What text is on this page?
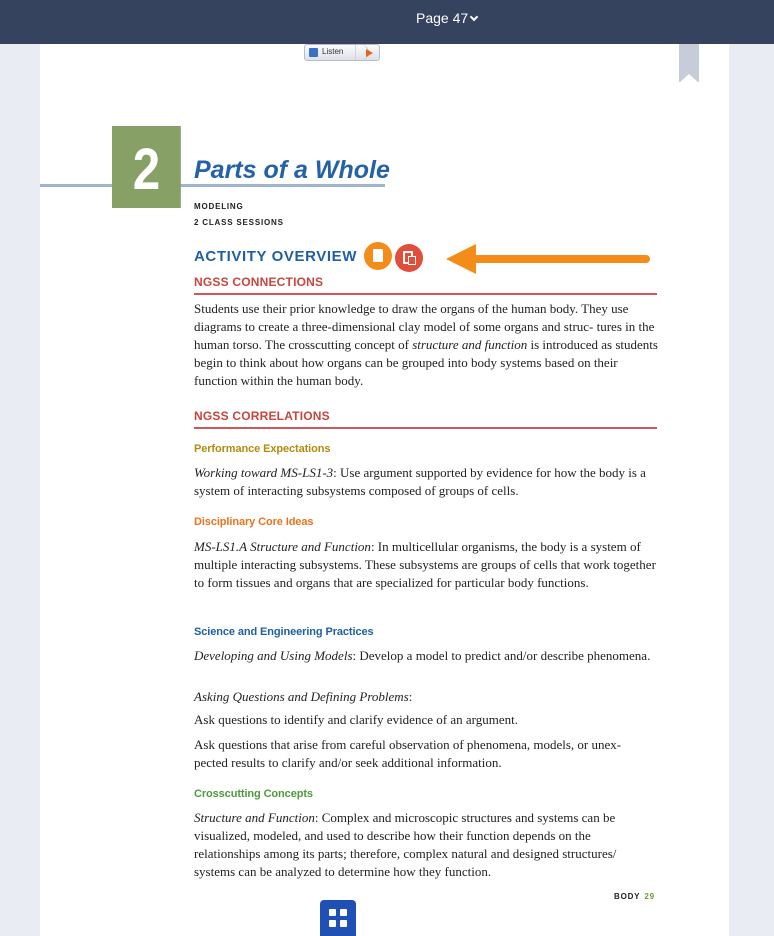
Page 47
Listen
2	Parts of a Whole
MODELING
2 CLASS SESSIONS
ACTIVITY OVERVIEW
NGSS CONNECTIONS
Students use their prior knowledge to draw the organs of the human body. They use diagrams to create a three-dimensional clay model of some organs and struc- tures in the human torso. The crosscutting concept of structure and function is introduced as students begin to think about how organs can be grouped into body systems based on their function within the human body.
NGSS CORRELATIONS
Performance Expectations
Working toward MS-LS1-3: Use argument supported by evidence for how the body is a system of interacting subsystems composed of groups of cells.
Disciplinary Core Ideas
MS-LS1.A Structure and Function: In multicellular organisms, the body is a system of multiple interacting subsystems. These subsystems are groups of cells that work together to form tissues and organs that are specialized for particular body functions.
Science and Engineering Practices
Developing and Using Models: Develop a model to predict and/or describe phenomena.
Asking Questions and Defining Problems:
Ask questions to identify and clarify evidence of an argument.
Ask questions that arise from careful observation of phenomena, models, or unex- pected results to clarify and/or seek additional information.
Crosscutting Concepts
Structure and Function: Complex and microscopic structures and systems can be visualized, modeled, and used to describe how their function depends on the relationships among its parts; therefore, complex natural and designed structures/ systems can be analyzed to determine how they function.
BODY 29
